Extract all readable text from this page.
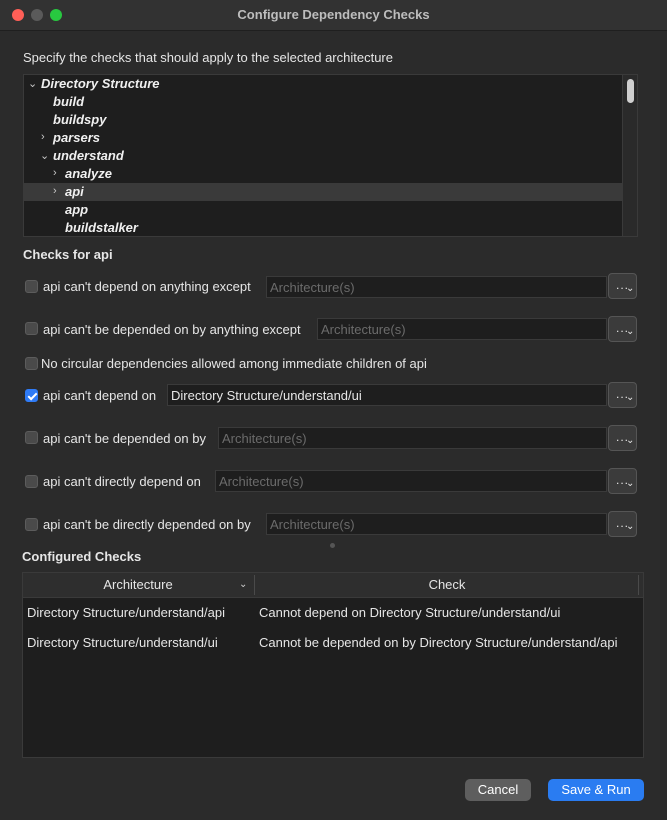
Configure Dependency Checks
Specify the checks that should apply to the selected architecture
⌄ Directory Structure
build
buildspy
› parsers
⌄ understand
› analyze
› api
app
buildstalker
Checks for api
api can't depend on anything except	Architecture(s)	...
⌄
api can't be depended on by anything except	Architecture(s)	...
⌄
No circular dependencies allowed among immediate children of api
api can't depend on	Directory Structure/understand/ui	...
⌄
api can't be depended on by	Architecture(s)	...
⌄
api can't directly depend on	Architecture(s)	...
⌄
api can't be directly depended on by	Architecture(s)	...
⌄
Configured Checks
Architecture	⌄	Check
Directory Structure/understand/api	Cannot depend on Directory Structure/understand/ui
Directory Structure/understand/ui	Cannot be depended on by Directory Structure/understand/api
Cancel	Save & Run
